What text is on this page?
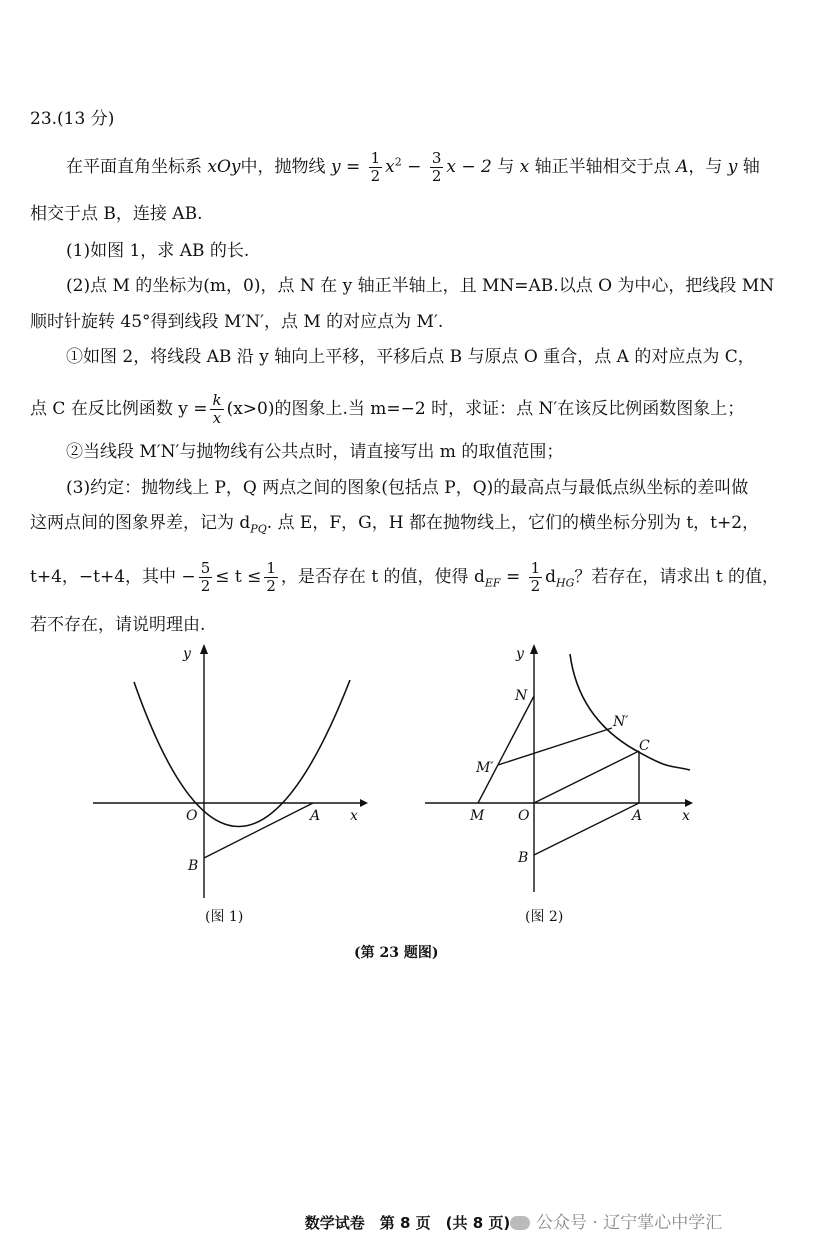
23.(13 分)
在平面直角坐标系 xOy中，抛物线 $y = \frac{1}{2} x^2 - \frac{3}{2}$ x − 2 与 x 轴正半轴相交于点 A，与 y 轴
相交于点 B，连接 AB.
(1)如图 1，求 AB 的长.
(2)点 M 的坐标为(m，0)，点 N 在 y 轴正半轴上，且 MN=AB.以点 O 为中心，把线段 MN
顺时针旋转 45°得到线段 M′N′，点 M 的对应点为 M′.
①如图 2，将线段 AB 沿 y 轴向上平移，平移后点 B 与原点 O 重合，点 A 的对应点为 C，
点 C 在反比例函数 $y = \frac{k}{x} (x>0)$的图象上.当 m=−2 时，求证：点 N′在该反比例函数图象上；
②当线段 M′N′与抛物线有公共点时，请直接写出 m 的取值范围；
(3)约定：抛物线上 P，Q 两点之间的图象(包括点 P，Q)的最高点与最低点纵坐标的差叫做
这两点间的图象界差，记为 $d_{PQ}$. 点 E，F，G，H 都在抛物线上，它们的横坐标分别为 t，t+2，
t+4，−t+4，其中 − $\frac{5}{2} \le t \le \frac{1}{2}$ ，是否存在 t 的值，使得 $d_{EF} = \frac{1}{2} d_{HG}$？若存在，请求出 t 的值，
若不存在，请说明理由.
y
x
O	A
B
y
x
N
N′
C
M′
M O	A
B
(图 1)	(图 2)
(第 23 题图)
数学试卷　第 8 页　(共 8 页)	公众号 · 辽宁掌心中学汇
